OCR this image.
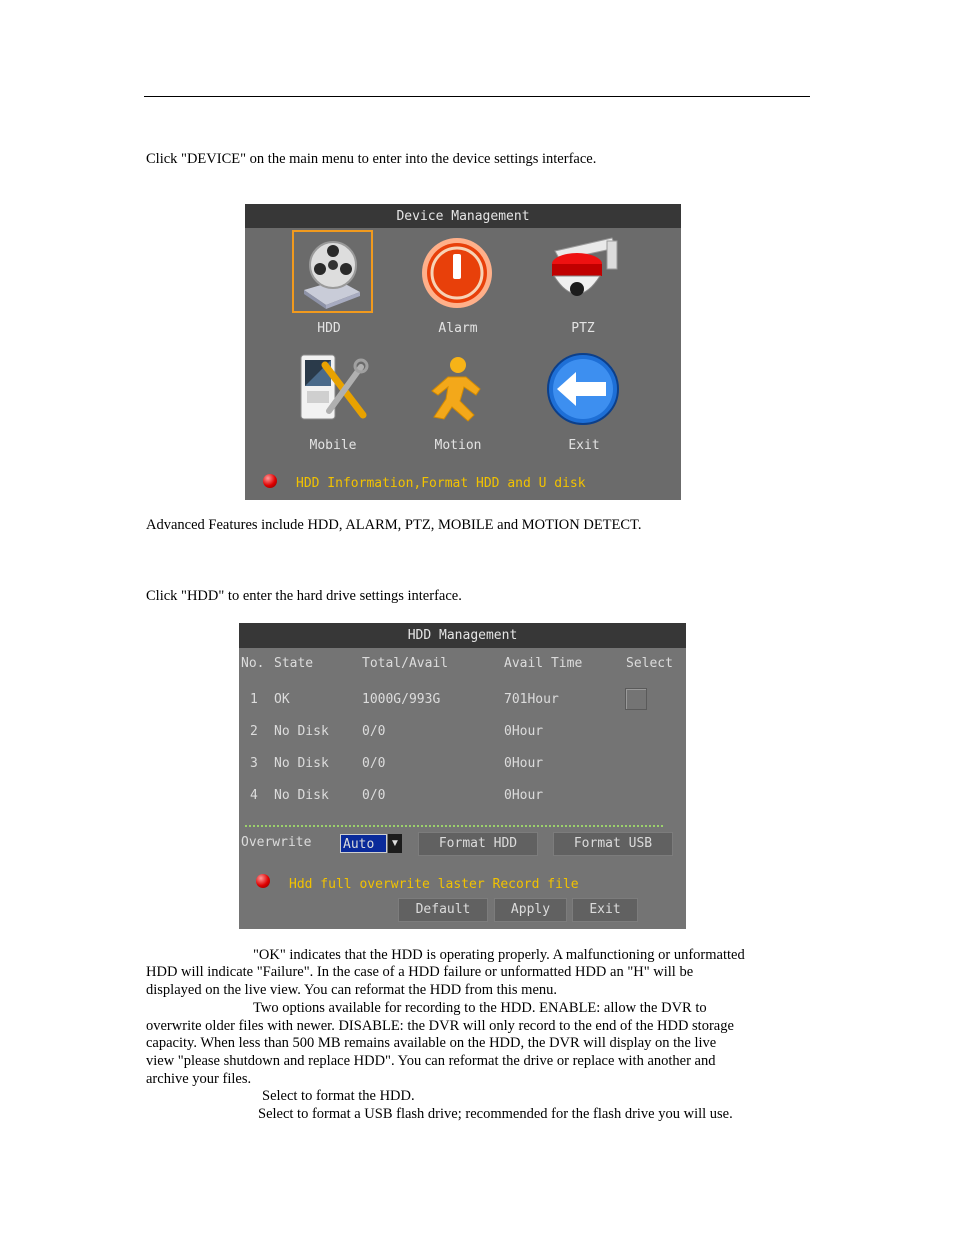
Click "DEVICE" on the main menu to enter into the device settings interface.

Device Management
HDD	Alarm	PTZ
Mobile	Motion	Exit
HDD Information,Format HDD and U disk

Advanced Features include HDD, ALARM, PTZ, MOBILE and MOTION DETECT.

Click "HDD" to enter the hard drive settings interface.

HDD Management
No. State	Total/Avail	Avail Time	Select
1 OK	1000G/993G	701Hour
2 No Disk	0/0	0Hour
3 No Disk	0/0	0Hour
4 No Disk	0/0	0Hour
Overwrite Auto	▼	Format HDD	Format USB
Hdd full overwrite laster Record file
Default	Apply	Exit

"OK" indicates that the HDD is operating properly. A malfunctioning or unformatted

HDD will indicate "Failure". In the case of a HDD failure or unformatted HDD an "H" will be

displayed on the live view. You can reformat the HDD from this menu.

Two options available for recording to the HDD. ENABLE: allow the DVR to

overwrite older files with newer. DISABLE: the DVR will only record to the end of the HDD storage

capacity. When less than 500 MB remains available on the HDD, the DVR will display on the live

view "please shutdown and replace HDD". You can reformat the drive or replace with another and

archive your files.

Select to format the HDD.

Select to format a USB flash drive; recommended for the flash drive you will use.
